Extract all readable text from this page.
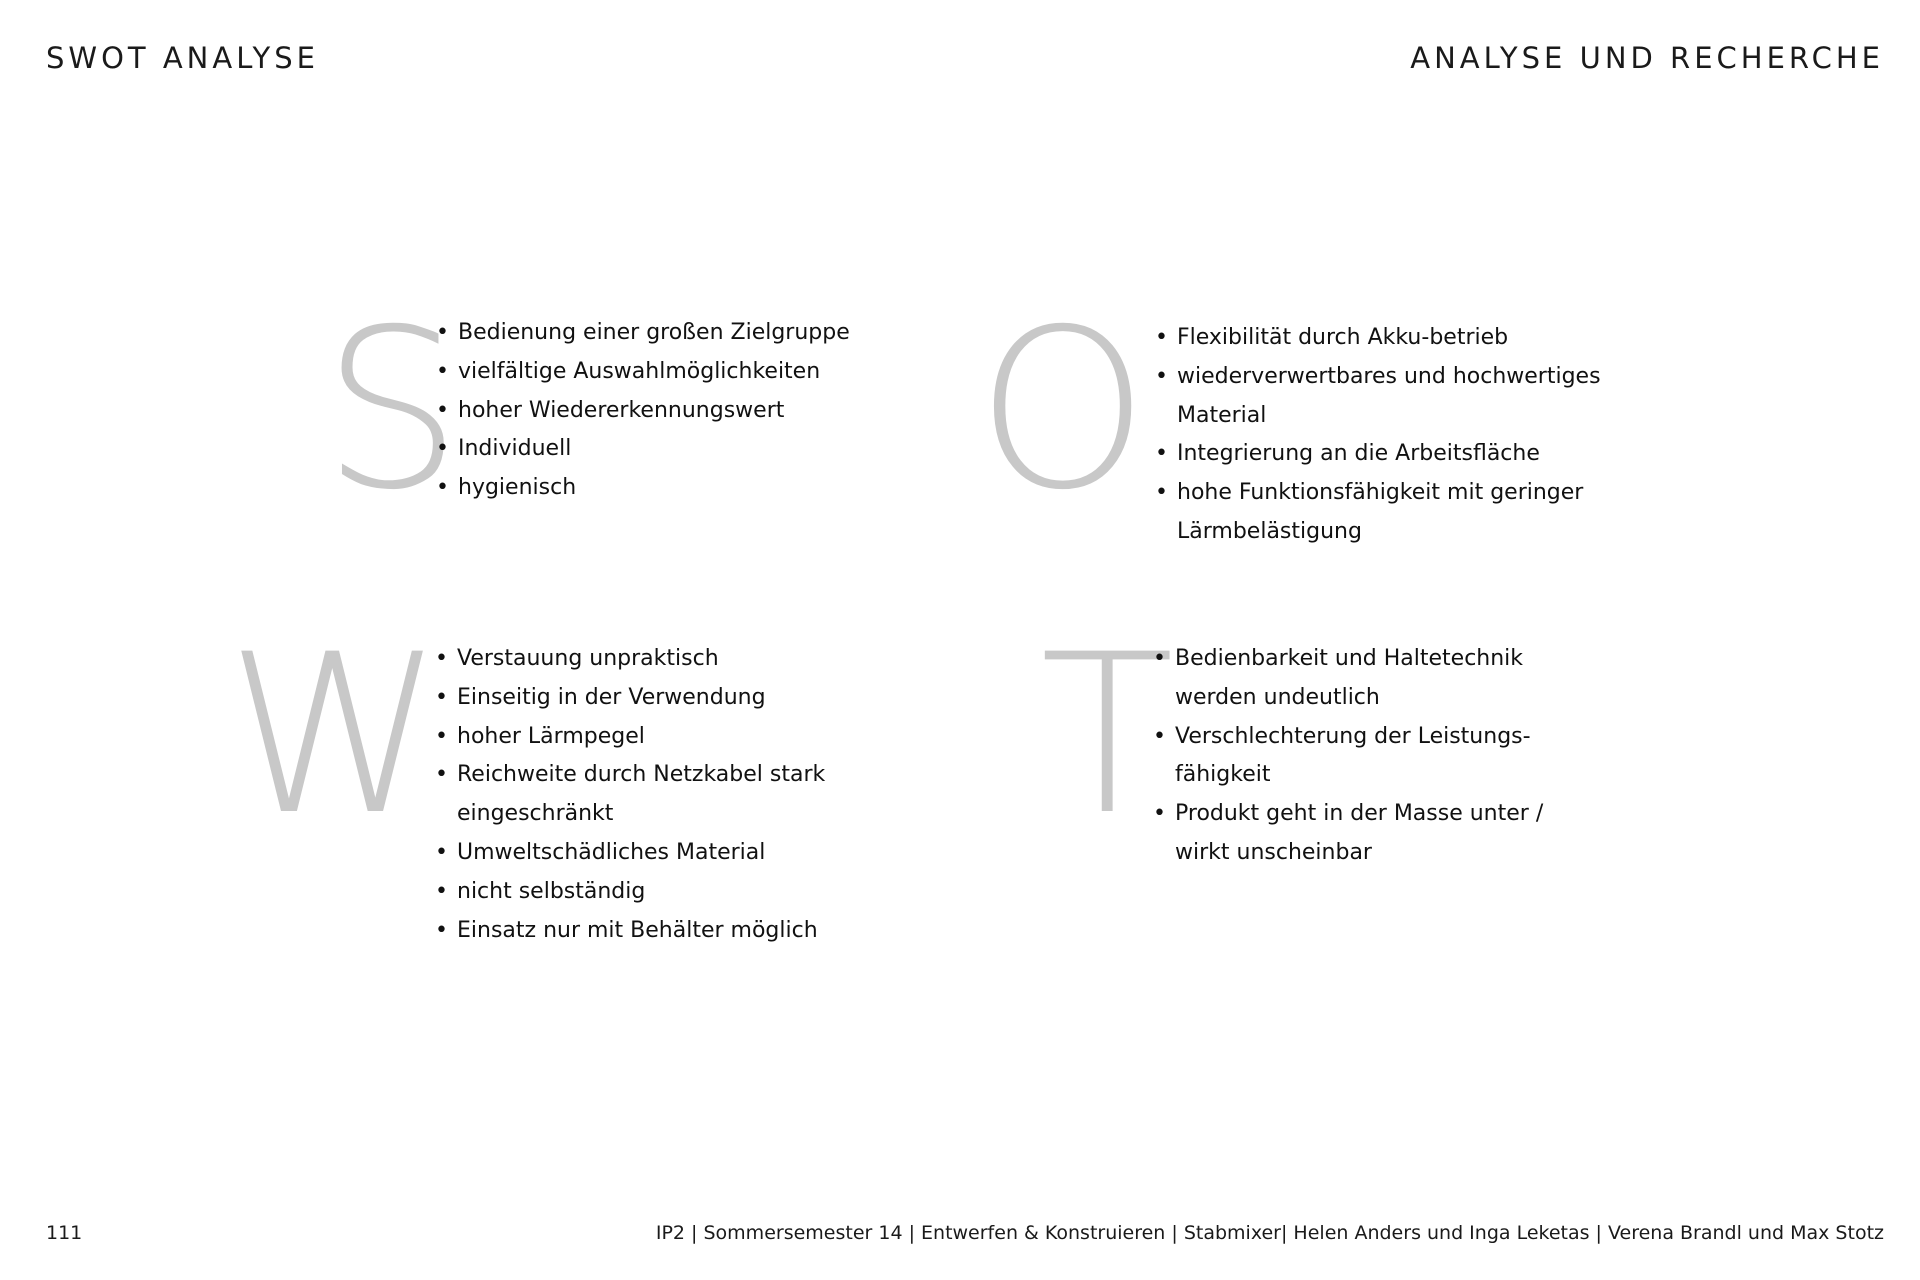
SWOT ANALYSE	ANALYSE UND RECHERCHE
S
• Bedienung einer großen Zielgruppe
• vielfältige Auswahlmöglichkeiten
• hoher Wiedererkennungswert
• Individuell
• hygienisch	O	• Flexibilität durch Akku-betrieb
• wiederverwertbares und hochwertiges
Material
• Integrierung an die Arbeitsfläche
• hohe Funktionsfähigkeit mit geringer
Lärmbelästigung
W • Verstauung unpraktisch
• Einseitig in der Verwendung
• hoher Lärmpegel
• Reichweite durch Netzkabel stark
eingeschränkt
• Umweltschädliches Material
• nicht selbständig
• Einsatz nur mit Behälter möglich
T • Bedienbarkeit und Haltetechnik
werden undeutlich
• Verschlechterung der Leistungs-
fähigkeit
• Produkt geht in der Masse unter /
wirkt unscheinbar
111	IP2 | Sommersemester 14 | Entwerfen & Konstruieren | Stabmixer| Helen Anders und Inga Leketas | Verena Brandl und Max Stotz
